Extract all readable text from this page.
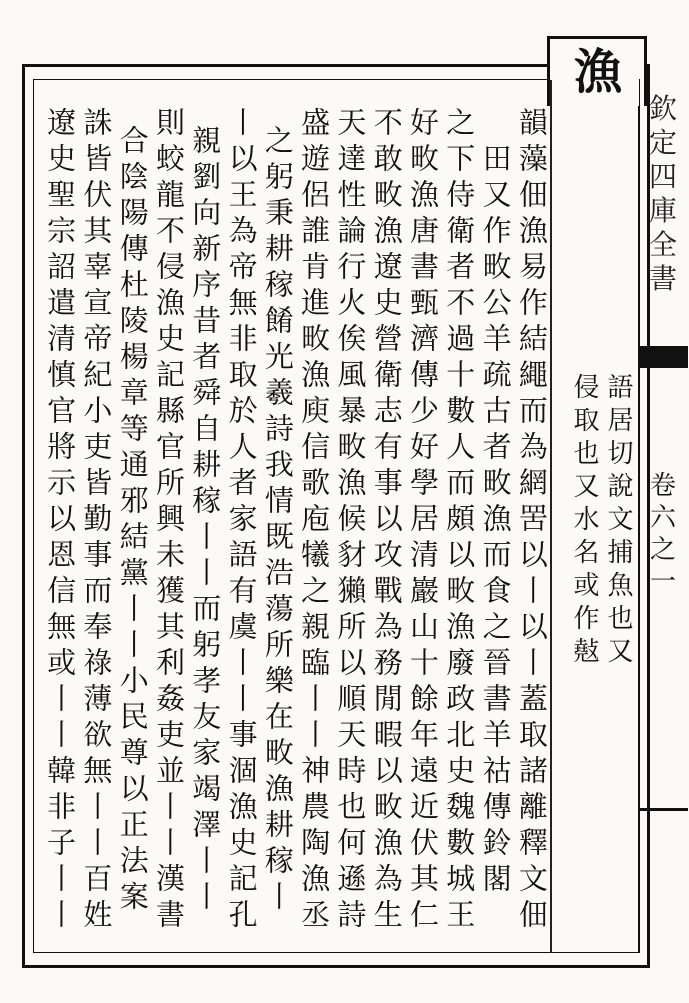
漁
欽
定
四
庫
全
書
卷
六
之
一
語居切說文捕魚也又
侵取也又水名或作𢿣
韻藻佃漁易作結繩而為網罟以丨以丨蓋取諸離釋文佃
田又作畋公羊疏古者畋漁而食之晉書羊祜傳鈴閣
之下侍衛者不過十數人而頗以畋漁廢政北史魏數城王
好畋漁唐書甄濟傳少好學居清巖山十餘年遠近伏其仁
不敢畋漁遼史營衛志有事以攻戰為務閒暇以畋漁為生
天達性論行火俟風暴畋漁候豺獺所以順天時也何遜詩
盛遊侶誰肯進畋漁庾信歌庖犧之親臨丨丨神農陶漁丞
之躬秉耕稼餚光羲詩我情既浩蕩所樂在畋漁耕稼丨
丨以王為帝無非取於人者家語有虞丨丨事涸漁史記孔
親劉向新序昔者舜自耕稼丨丨而躬孝友家竭澤丨丨
則蛟龍不侵漁史記縣官所興未獲其利姦吏並丨丨漢書
合陰陽傳杜陵楊章等通邪結黨丨丨小民尊以正法案
誅皆伏其辜宣帝紀小吏皆勤事而奉祿薄欲無丨丨百姓
遼史聖宗詔遣清慎官將示以恩信無或丨丨韓非子丨丨
